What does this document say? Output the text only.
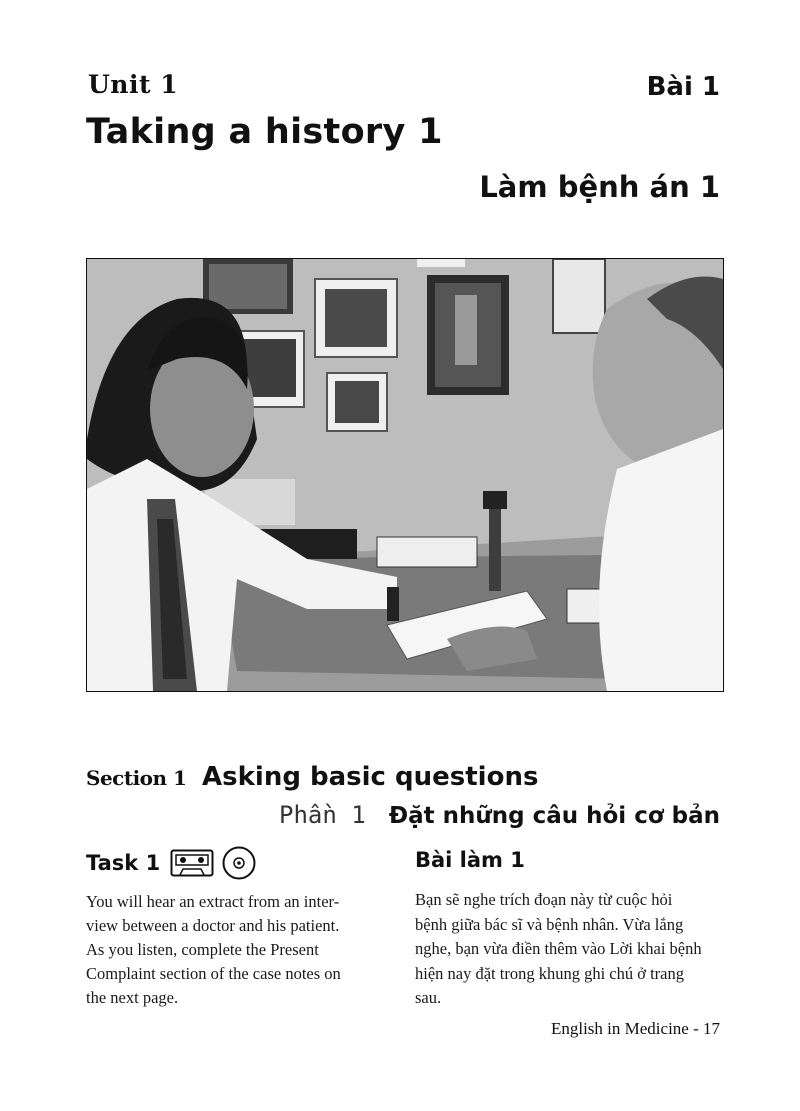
Unit 1	Bài 1
Taking a history 1
Làm bệnh án 1
Section 1 Asking basic questions
Phần 1 Đặt những câu hỏi cơ bản
Task 1	Bài làm 1
You will hear an extract from an inter-
view between a doctor and his patient.
As you listen, complete the Present
Complaint section of the case notes on
the next page.
Bạn sẽ nghe trích đoạn này từ cuộc hỏi
bệnh giữa bác sĩ và bệnh nhân. Vừa lắng
nghe, bạn vừa điền thêm vào Lời khai bệnh
hiện nay đặt trong khung ghi chú ở trang
sau.
English in Medicine - 17
